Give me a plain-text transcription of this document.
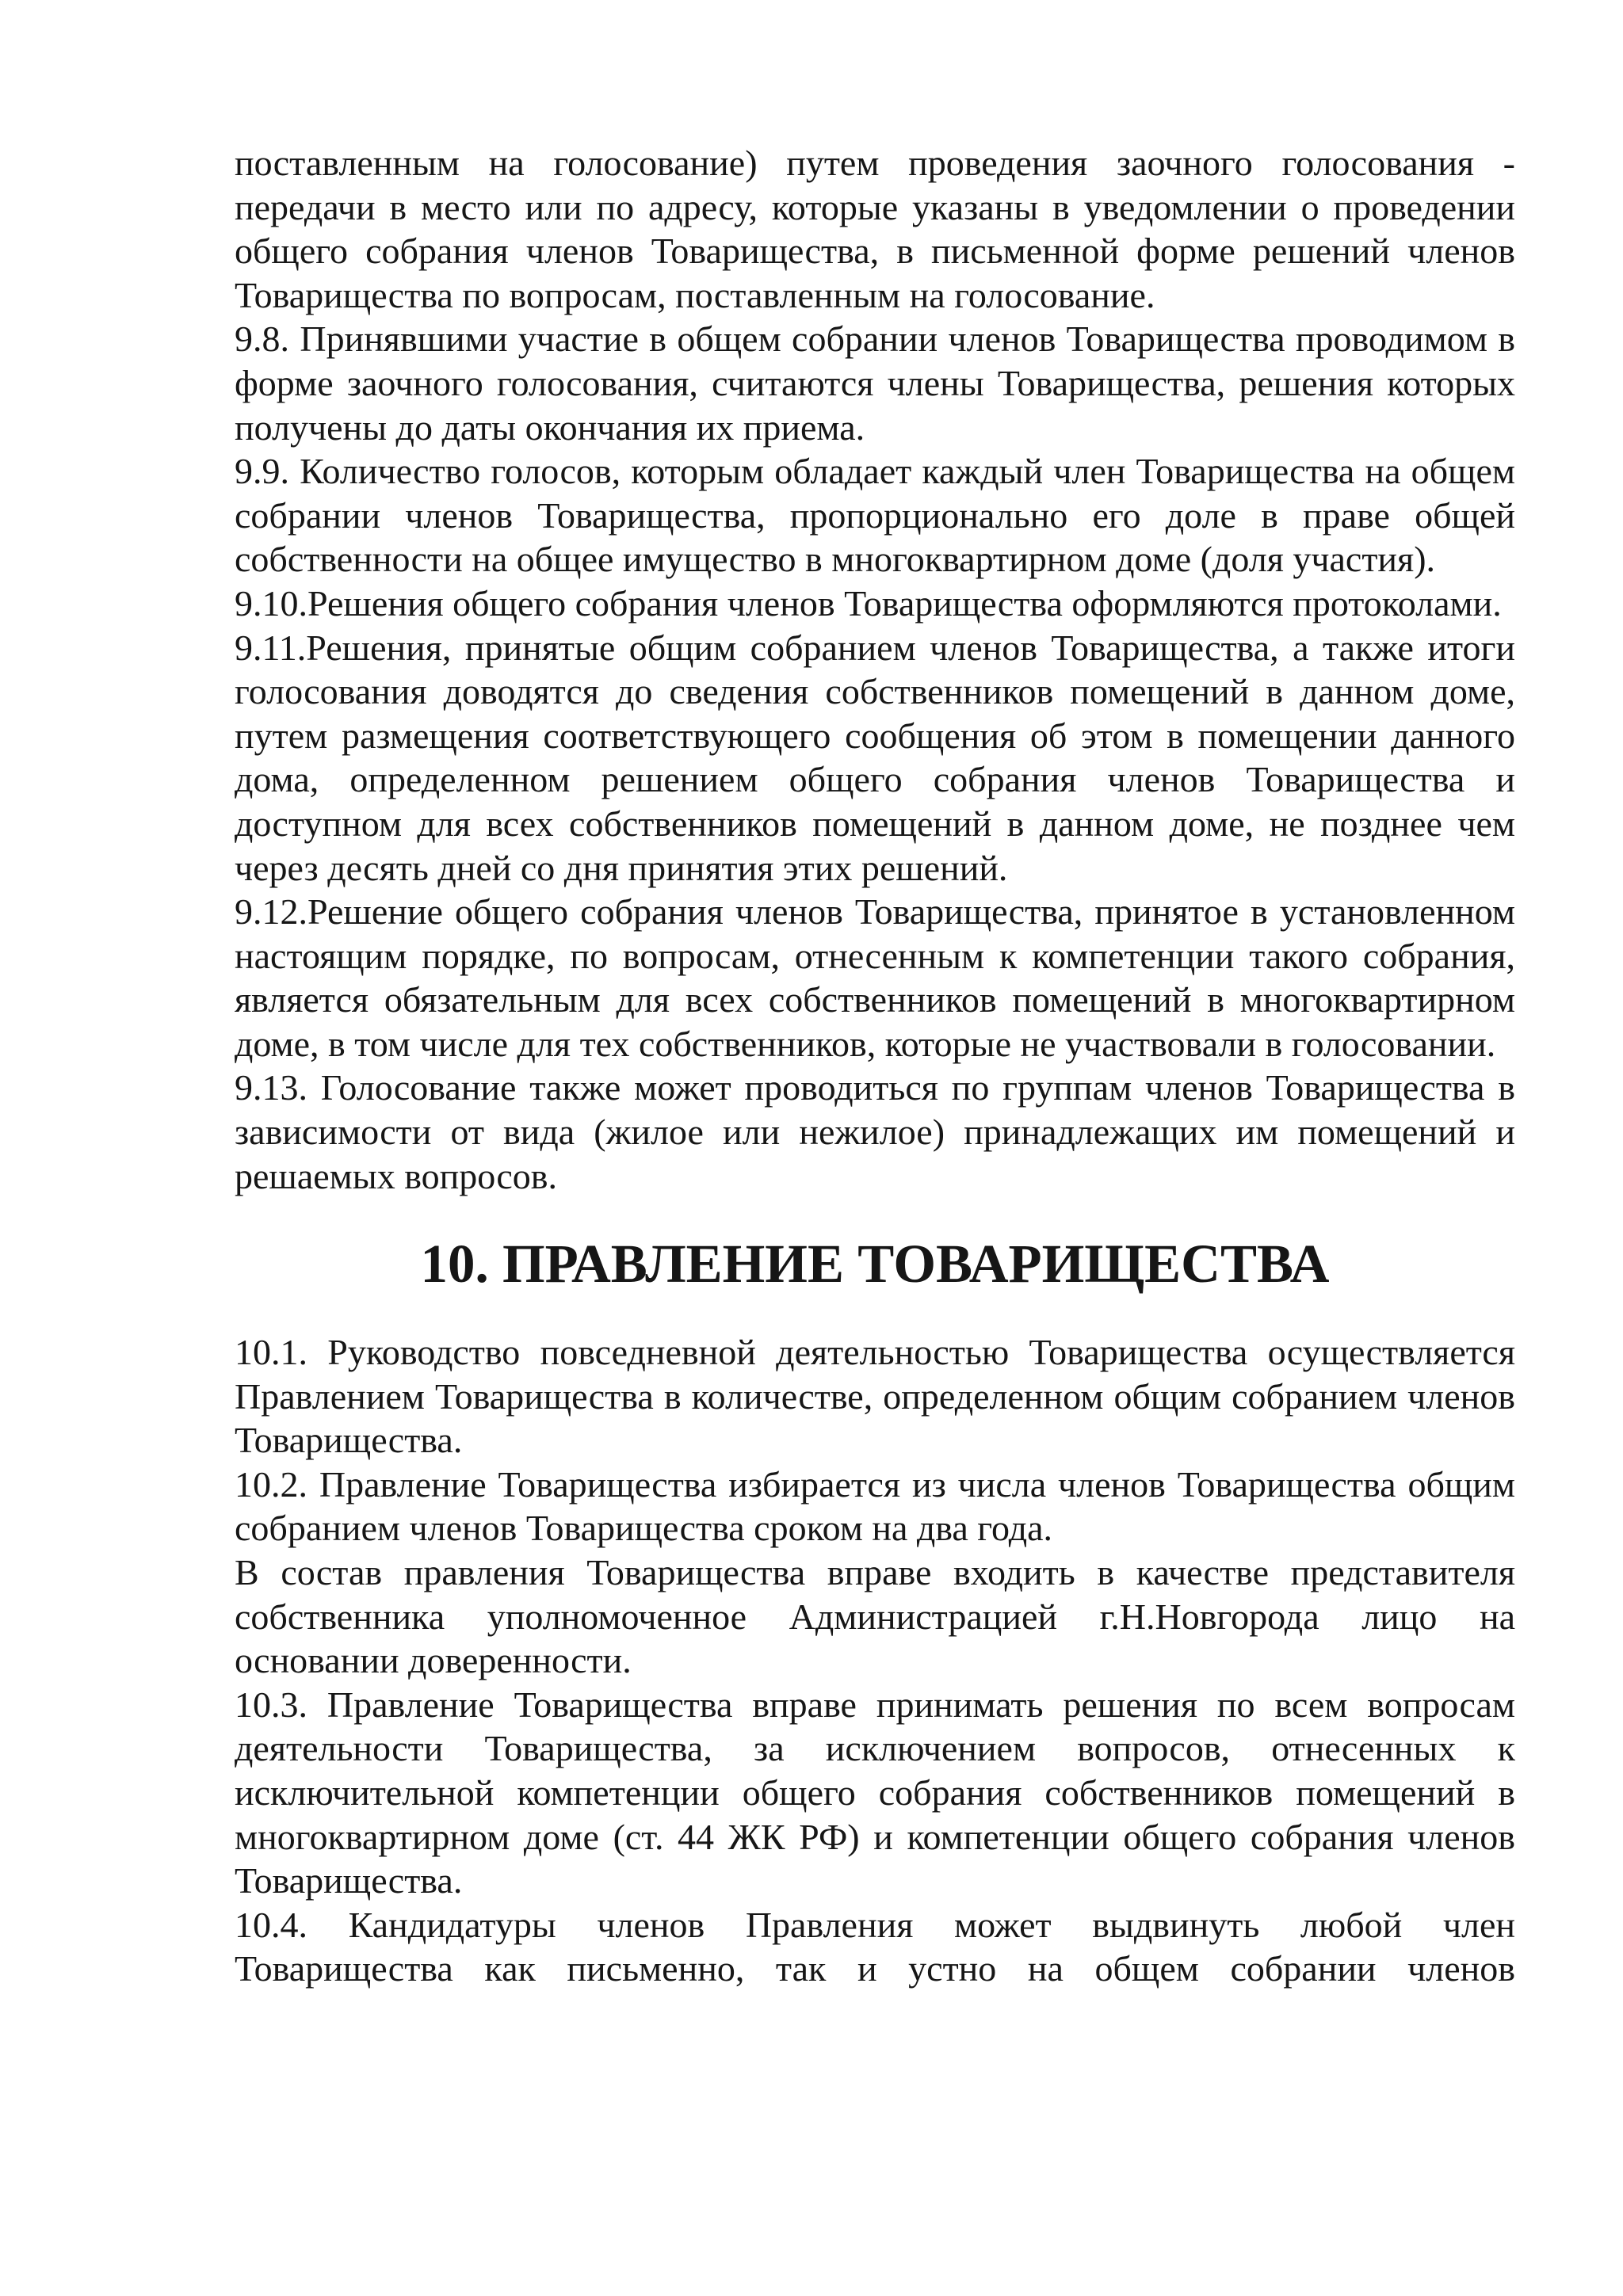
поставленным на голосование) путем проведения заочного голосования - передачи в место или по адресу, которые указаны в уведомлении о проведении общего собрания членов Товарищества, в письменной форме решений членов Товарищества по вопросам, поставленным на голосование.

9.8. Принявшими участие в общем собрании членов Товарищества проводимом в форме заочного голосования, считаются члены Товарищества, решения которых получены до даты окончания их приема.

9.9. Количество голосов, которым обладает каждый член Товарищества на общем собрании членов Товарищества, пропорционально его доле в праве общей собственности на общее имущество в многоквартирном доме (доля участия).

9.10.Решения общего собрания членов Товарищества оформляются протоколами.

9.11.Решения, принятые общим собранием членов Товарищества, а также итоги голосования доводятся до сведения собственников помещений в данном доме, путем размещения соответствующего сообщения об этом в помещении данного дома, определенном решением общего собрания членов Товарищества и доступном для всех собственников помещений в данном доме, не позднее чем через десять дней со дня принятия этих решений.

9.12.Решение общего собрания членов Товарищества, принятое в установленном настоящим порядке, по вопросам, отнесенным к компетенции такого собрания, является обязательным для всех собственников помещений в многоквартирном доме, в том числе для тех собственников, которые не участвовали в голосовании.

9.13. Голосование также может проводиться по группам членов Товарищества в зависимости от вида (жилое или нежилое) принадлежащих им помещений и решаемых вопросов.

10. ПРАВЛЕНИЕ ТОВАРИЩЕСТВА

10.1. Руководство повседневной деятельностью Товарищества осуществляется Правлением Товарищества в количестве, определенном общим собранием членов Товарищества.

10.2. Правление Товарищества избирается из числа членов Товарищества общим собранием членов Товарищества сроком на два года.

В состав правления Товарищества вправе входить в качестве представителя собственника уполномоченное Администрацией г.Н.Новгорода лицо на основании доверенности.

10.3. Правление Товарищества вправе принимать решения по всем вопросам деятельности Товарищества, за исключением вопросов, отнесенных к исключительной компетенции общего собрания собственников помещений в многоквартирном доме (ст. 44 ЖК РФ) и компетенции общего собрания членов Товарищества.

10.4. Кандидатуры членов Правления может выдвинуть любой член Товарищества как письменно, так и устно на общем собрании членов
